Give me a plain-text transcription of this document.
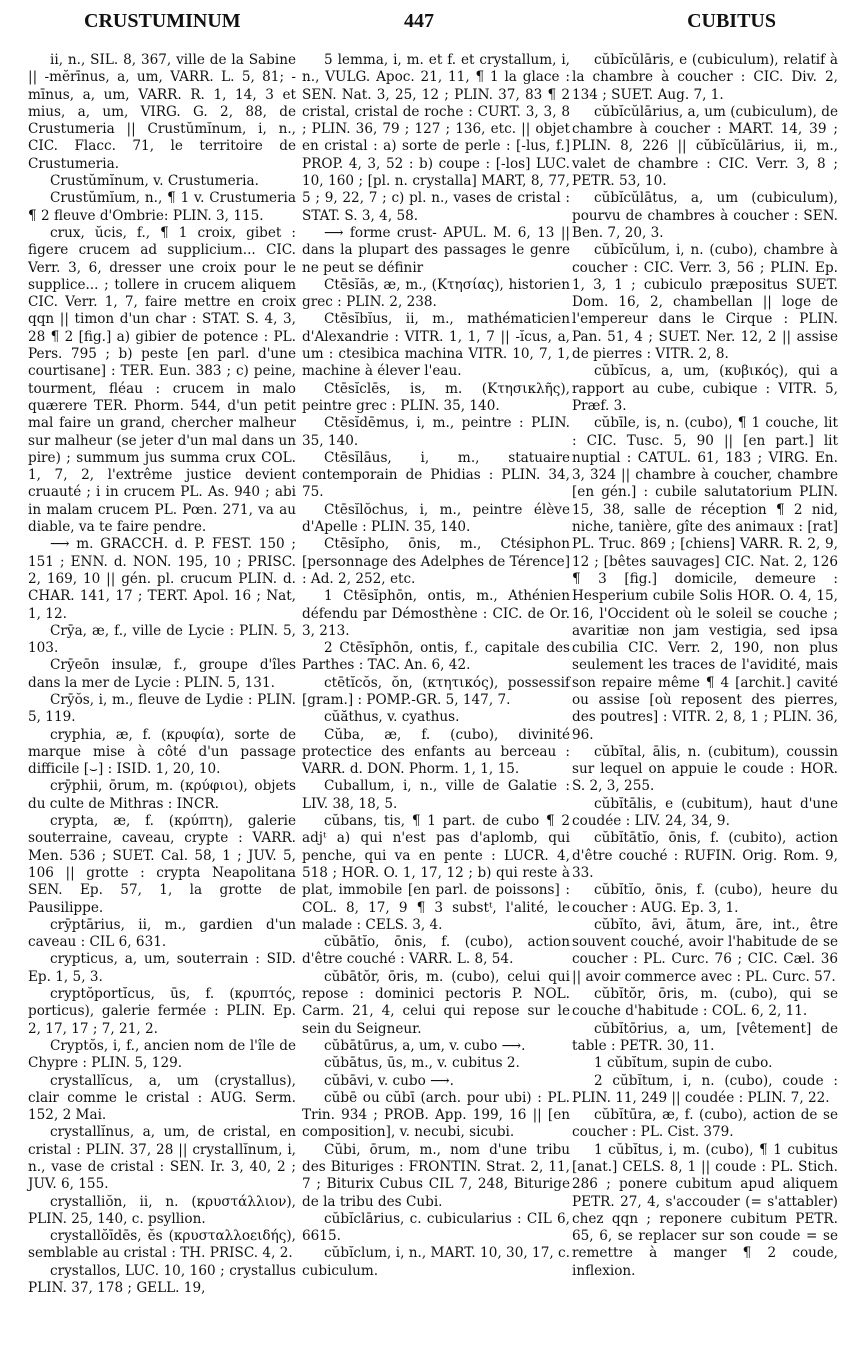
CRUSTUMINUM	447	CUBITUS

ii, n., SIL. 8, 367, ville de la Sabine || -mĕrīnus, a, um, VARR. L. 5, 81; -mīnus, a, um, VARR. R. 1, 14, 3 et mius, a, um, VIRG. G. 2, 88, de Crustumeria || Crustŭmĭnum, i, n., CIC. Flacc. 71, le territoire de Crustumeria.

Crustŭmĭnum, v. Crustumeria.

Crustŭmĭum, n., ¶ 1 v. Crustumeria ¶ 2 fleuve d'Ombrie: PLIN. 3, 115.

crux, ŭcis, f., ¶ 1 croix, gibet : figere crucem ad supplicium... CIC. Verr. 3, 6, dresser une croix pour le supplice... ; tollere in crucem aliquem CIC. Verr. 1, 7, faire mettre en croix qqn || timon d'un char : STAT. S. 4, 3, 28 ¶ 2 [fig.] a) gibier de potence : PL. Pers. 795 ; b) peste [en parl. d'une courtisane] : TER. Eun. 383 ; c) peine, tourment, fléau : crucem in malo quærere TER. Phorm. 544, d'un petit mal faire un grand, chercher malheur sur malheur (se jeter d'un mal dans un pire) ; summum jus summa crux COL. 1, 7, 2, l'extrême justice devient cruauté ; i in crucem PL. As. 940 ; abi in malam crucem PL. Pœn. 271, va au diable, va te faire pendre.

⟶ m. GRACCH. d. P. FEST. 150 ; 151 ; ENN. d. NON. 195, 10 ; PRISC. 2, 169, 10 || gén. pl. crucum PLIN. d. CHAR. 141, 17 ; TERT. Apol. 16 ; Nat, 1, 12.

Crȳa, æ, f., ville de Lycie : PLIN. 5, 103.

Crȳeōn insulæ, f., groupe d'îles dans la mer de Lycie : PLIN. 5, 131.

Crȳŏs, i, m., fleuve de Lydie : PLIN. 5, 119.

cryphia, æ, f. (κρυφία), sorte de marque mise à côté d'un passage difficile [⌣] : ISID. 1, 20, 10.

crȳphii, ōrum, m. (κρύφιοι), objets du culte de Mithras : INCR.

crypta, æ, f. (κρύπτη), galerie souterraine, caveau, crypte : VARR. Men. 536 ; SUET. Cal. 58, 1 ; JUV. 5, 106 || grotte : crypta Neapolitana SEN. Ep. 57, 1, la grotte de Pausilippe.

crȳptārius, ii, m., gardien d'un caveau : CIL 6, 631.

crypticus, a, um, souterrain : SID. Ep. 1, 5, 3.

cryptŏportĭcus, ūs, f. (κρυπτός, porticus), galerie fermée : PLIN. Ep. 2, 17, 17 ; 7, 21, 2.

Cryptŏs, i, f., ancien nom de l'île de Chypre : PLIN. 5, 129.

crystallĭcus, a, um (crystallus), clair comme le cristal : AUG. Serm. 152, 2 Mai.

crystallĭnus, a, um, de cristal, en cristal : PLIN. 37, 28 || crystallĭnum, i, n., vase de cristal : SEN. Ir. 3, 40, 2 ; JUV. 6, 155.

crystalliŏn, ii, n. (κρυστάλλιον), PLIN. 25, 140, c. psyllion.

crystallŏīdēs, ĕs (κρυσταλλοειδής), semblable au cristal : TH. PRISC. 4, 2.

crystallos, LUC. 10, 160 ; crystallus PLIN. 37, 178 ; GELL. 19,

5 lemma, i, m. et f. et crystallum, i, n., VULG. Apoc. 21, 11, ¶ 1 la glace : SEN. Nat. 3, 25, 12 ; PLIN. 37, 83 ¶ 2 cristal, cristal de roche : CURT. 3, 3, 8 ; PLIN. 36, 79 ; 127 ; 136, etc. || objet en cristal : a) sorte de perle : [-lus, f.] PROP. 4, 3, 52 : b) coupe : [-los] LUC. 10, 160 ; [pl. n. crystalla] MART, 8, 77, 5 ; 9, 22, 7 ; c) pl. n., vases de cristal : STAT. S. 3, 4, 58.

⟶ forme crust- APUL. M. 6, 13 || dans la plupart des passages le genre ne peut se définir

Ctēsĭās, æ, m., (Κτησίας), historien grec : PLIN. 2, 238.

Ctēsĭbĭus, ii, m., mathématicien d'Alexandrie : VITR. 1, 1, 7 || -ĭcus, a, um : ctesibica machina VITR. 10, 7, 1, machine à élever l'eau.

Ctēsĭclēs, is, m. (Κτησικλῆς), peintre grec : PLIN. 35, 140.

Ctēsĭdēmus, i, m., peintre : PLIN. 35, 140.

Ctēsĭlāus, i, m., statuaire contemporain de Phidias : PLIN. 34, 75.

Ctēsĭlŏchus, i, m., peintre élève d'Apelle : PLIN. 35, 140.

Ctēsĭpho, ōnis, m., Ctésiphon [personnage des Adelphes de Térence] : Ad. 2, 252, etc.

1 Ctēsĭphōn, ontis, m., Athénien défendu par Démosthène : CIC. de Or. 3, 213.

2 Ctēsĭphōn, ontis, f., capitale des Parthes : TAC. An. 6, 42.

ctētĭcŏs, ŏn, (κτητικός), possessif [gram.] : POMP.-GR. 5, 147, 7.

cŭăthus, v. cyathus.

Cŭba, æ, f. (cubo), divinité protectice des enfants au berceau : VARR. d. DON. Phorm. 1, 1, 15.

Cuballum, i, n., ville de Galatie : LIV. 38, 18, 5.

cŭbans, tis, ¶ 1 part. de cubo ¶ 2 adjᵗ a) qui n'est pas d'aplomb, qui penche, qui va en pente : LUCR. 4, 518 ; HOR. O. 1, 17, 12 ; b) qui reste à plat, immobile [en parl. de poissons] : COL. 8, 17, 9 ¶ 3 substᵗ, l'alité, le malade : CELS. 3, 4.

cŭbātĭo, ōnis, f. (cubo), action d'être couché : VARR. L. 8, 54.

cŭbātŏr, ōris, m. (cubo), celui qui repose : dominici pectoris P. NOL. Carm. 21, 4, celui qui repose sur le sein du Seigneur.

cŭbātūrus, a, um, v. cubo ⟶.

cŭbātus, ūs, m., v. cubitus 2.

cŭbāvi, v. cubo ⟶.

cŭbē ou cŭbī (arch. pour ubi) : PL. Trin. 934 ; PROB. App. 199, 16 || [en composition], v. necubi, sicubi.

Cŭbi, ōrum, m., nom d'une tribu des Bituriges : FRONTIN. Strat. 2, 11, 7 ; Biturix Cubus CIL 7, 248, Biturige de la tribu des Cubi.

cŭbĭclārius, c. cubicularius : CIL 6, 6615.

cŭbĭclum, i, n., MART. 10, 30, 17, c. cubiculum.

cŭbĭcŭlāris, e (cubiculum), relatif à la chambre à coucher : CIC. Div. 2, 134 ; SUET. Aug. 7, 1.

cŭbĭcŭlārius, a, um (cubiculum), de chambre à coucher : MART. 14, 39 ; PLIN. 8, 226 || cŭbĭcŭlārius, ii, m., valet de chambre : CIC. Verr. 3, 8 ; PETR. 53, 10.

cŭbĭcŭlātus, a, um (cubiculum), pourvu de chambres à coucher : SEN. Ben. 7, 20, 3.

cŭbĭcŭlum, i, n. (cubo), chambre à coucher : CIC. Verr. 3, 56 ; PLIN. Ep. 1, 3, 1 ; cubiculo præpositus SUET. Dom. 16, 2, chambellan || loge de l'empereur dans le Cirque : PLIN. Pan. 51, 4 ; SUET. Ner. 12, 2 || assise de pierres : VITR. 2, 8.

cŭbĭcus, a, um, (κυβικός), qui a rapport au cube, cubique : VITR. 5, Præf. 3.

cŭbīle, is, n. (cubo), ¶ 1 couche, lit : CIC. Tusc. 5, 90 || [en part.] lit nuptial : CATUL. 61, 183 ; VIRG. En. 3, 324 || chambre à coucher, chambre [en gén.] : cubile salutatorium PLIN. 15, 38, salle de réception ¶ 2 nid, niche, tanière, gîte des animaux : [rat] PL. Truc. 869 ; [chiens] VARR. R. 2, 9, 12 ; [bêtes sauvages] CIC. Nat. 2, 126 ¶ 3 [fig.] domicile, demeure : Hesperium cubile Solis HOR. O. 4, 15, 16, l'Occident où le soleil se couche ; avaritiæ non jam vestigia, sed ipsa cubilia CIC. Verr. 2, 190, non plus seulement les traces de l'avidité, mais son repaire même ¶ 4 [archit.] cavité ou assise [où reposent des pierres, des poutres] : VITR. 2, 8, 1 ; PLIN. 36, 96.

cŭbĭtal, ālis, n. (cubitum), coussin sur lequel on appuie le coude : HOR. S. 2, 3, 255.

cŭbĭtālis, e (cubitum), haut d'une coudée : LIV. 24, 34, 9.

cŭbĭtātĭo, ōnis, f. (cubito), action d'être couché : RUFIN. Orig. Rom. 9, 33.

cŭbĭtĭo, ōnis, f. (cubo), heure du coucher : AUG. Ep. 3, 1.

cŭbĭto, āvi, ātum, āre, int., être souvent couché, avoir l'habitude de se coucher : PL. Curc. 76 ; CIC. Cæl. 36 || avoir commerce avec : PL. Curc. 57.

cŭbĭtŏr, ōris, m. (cubo), qui se couche d'habitude : COL. 6, 2, 11.

cŭbĭtōrius, a, um, [vêtement] de table : PETR. 30, 11.

1 cŭbĭtum, supin de cubo.

2 cŭbĭtum, i, n. (cubo), coude : PLIN. 11, 249 || coudée : PLIN. 7, 22.

cŭbĭtūra, æ, f. (cubo), action de se coucher : PL. Cist. 379.

1 cŭbĭtus, i, m. (cubo), ¶ 1 cubitus [anat.] CELS. 8, 1 || coude : PL. Stich. 286 ; ponere cubitum apud aliquem PETR. 27, 4, s'accouder (= s'attabler) chez qqn ; reponere cubitum PETR. 65, 6, se replacer sur son coude = se remettre à manger ¶ 2 coude, inflexion.
